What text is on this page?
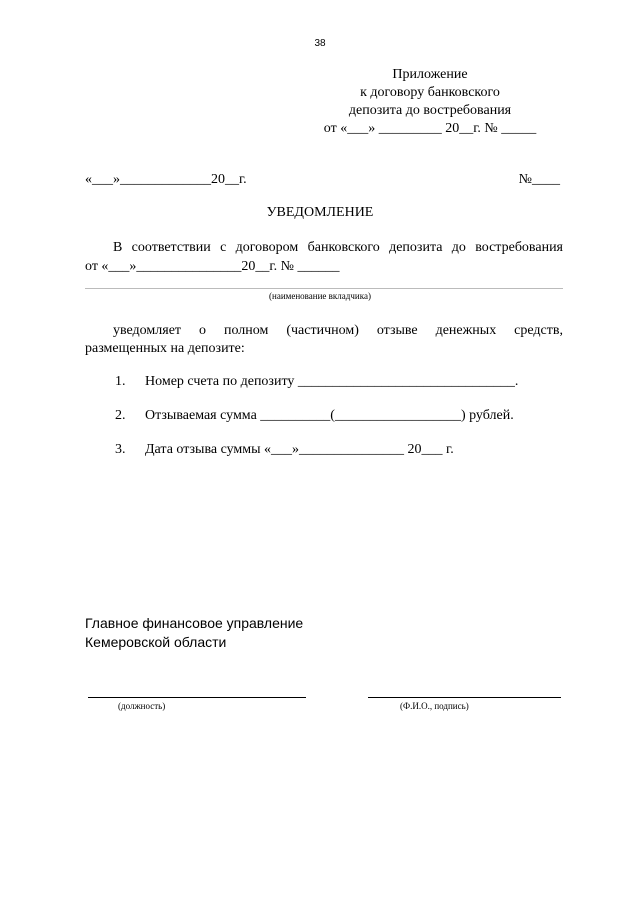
38
Приложение
к договору банковского
депозита до востребования
от «___» _________ 20__г. № _____
«___»_____________20__г.	№____
УВЕДОМЛЕНИЕ
В соответствии с договором банковского депозита до востребования
от «___»_______________20__г. № ______
(наименование вкладчика)
уведомляет о полном (частичном) отзыве денежных средств,
размещенных на депозите:
1. Номер счета по депозиту _______________________________.
2. Отзываемая сумма __________(__________________) рублей.
3. Дата отзыва суммы «___»_______________ 20___ г.
Главное финансовое управление
Кемеровской области
(должность)	(Ф.И.О., подпись)
